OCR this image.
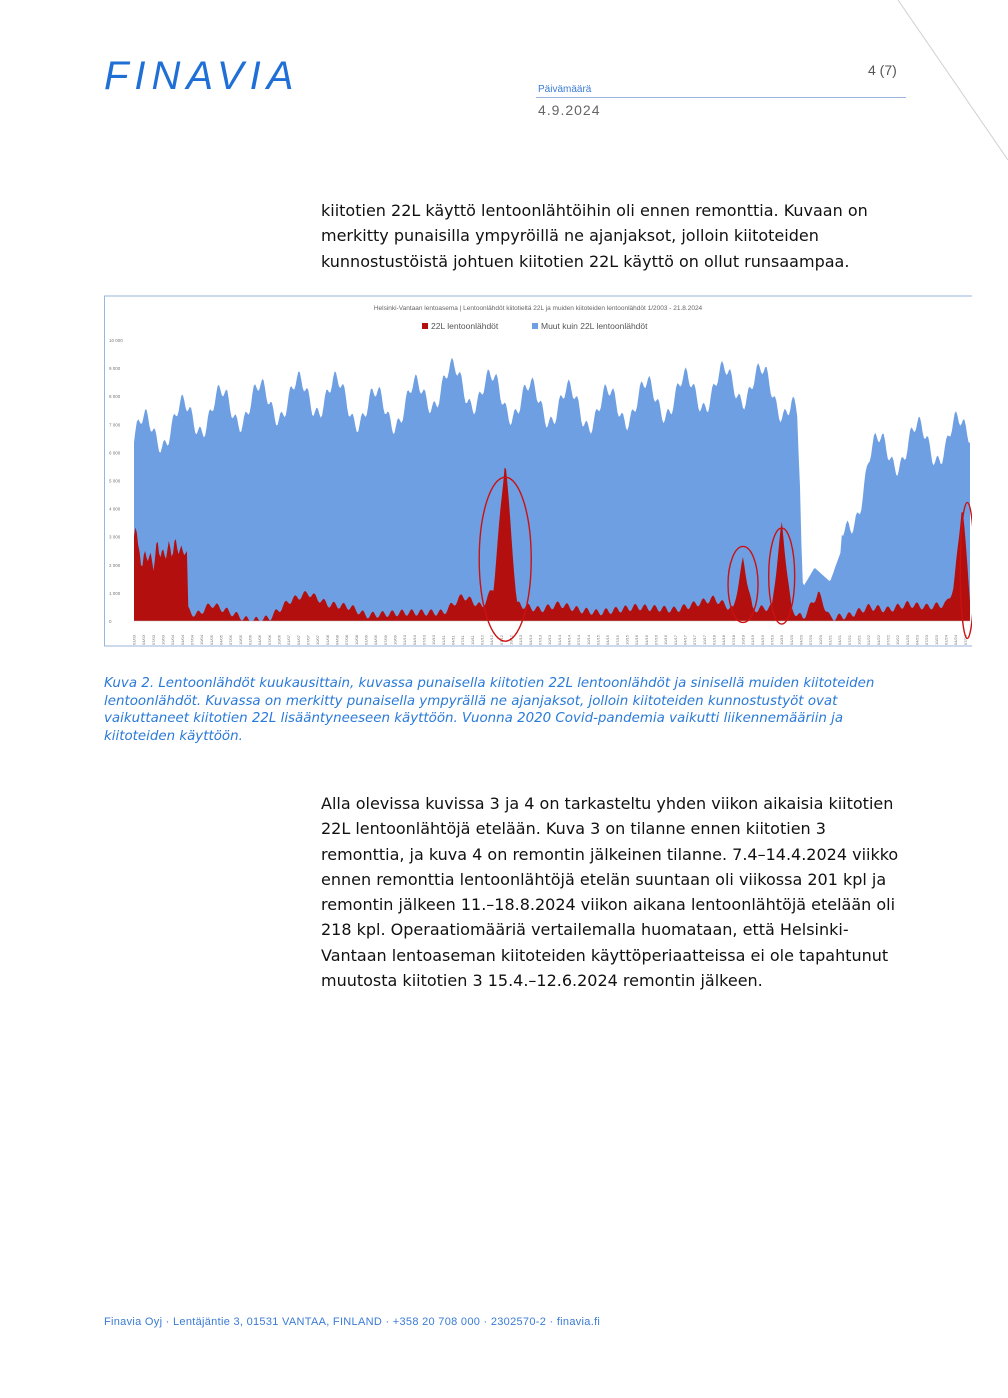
FINAVIA	4 (7)
Päivämäärä
4.9.2024

kiitotien 22L käyttö lentoonlähtöihin oli ennen remonttia. Kuvaan on merkitty punaisilla ympyröillä ne ajanjaksot, jolloin kiitoteiden kunnostustöistä johtuen kiitotien 22L käyttö on ollut runsaampaa.

Helsinki-Vantaan lentoasema | Lentoonlähdöt kiitotieltä 22L ja muiden kiitoteiden lentoonlähdöt 1/2003 - 21.8.2024
22L lentoonlähdöt	Muut kuin 22L lentoonlähdöt
0
1 000
2 000
3 000
4 000
5 000
6 000
7 000
8 000
9 000
10 000
01/03 04/03 07/03 10/03 01/04 04/04 07/04 10/04 01/05 04/05 07/05 10/05 01/06 04/06 07/06 10/06 01/07 04/07 07/07 10/07 01/08 04/08 07/08 10/08 01/09 04/09 07/09 10/09 01/10 04/10 07/10 10/10 01/11 04/11 07/11 10/11 01/12 04/12 07/12 10/12 01/13 04/13 07/13 10/13 01/14 04/14 07/14 10/14 01/15 04/15 07/15 10/15 01/16 04/16 07/16 10/16 01/17 04/17 07/17 10/17 01/18 04/18 07/18 10/18 01/19 04/19 07/19 10/19 01/20 04/20 07/20 10/20 01/21 04/21 07/21 10/21 01/22 04/22 07/22 10/22 01/23 04/23 07/23 10/23 01/24 04/24 07/24

Kuva 2. Lentoonlähdöt kuukausittain, kuvassa punaisella kiitotien 22L lentoonlähdöt ja sinisellä muiden kiitoteiden lentoonlähdöt. Kuvassa on merkitty punaisella ympyrällä ne ajanjaksot, jolloin kiitoteiden kunnostustyöt ovat vaikuttaneet kiitotien 22L lisääntyneeseen käyttöön. Vuonna 2020 Covid-pandemia vaikutti liikennemääriin ja kiitoteiden käyttöön.

Alla olevissa kuvissa 3 ja 4 on tarkasteltu yhden viikon aikaisia kiitotien 22L lentoonlähtöjä etelään. Kuva 3 on tilanne ennen kiitotien 3 remonttia, ja kuva 4 on remontin jälkeinen tilanne. 7.4–14.4.2024 viikko ennen remonttia lentoonlähtöjä etelän suuntaan oli viikossa 201 kpl ja remontin jälkeen 11.–18.8.2024 viikon aikana lentoonlähtöjä etelään oli 218 kpl. Operaatiomääriä vertailemalla huomataan, että Helsinki-Vantaan lentoaseman kiitoteiden käyttöperiaatteissa ei ole tapahtunut muutosta kiitotien 3 15.4.–12.6.2024 remontin jälkeen.

Finavia Oyj · Lentäjäntie 3, 01531 VANTAA, FINLAND · +358 20 708 000 · 2302570-2 · finavia.fi
